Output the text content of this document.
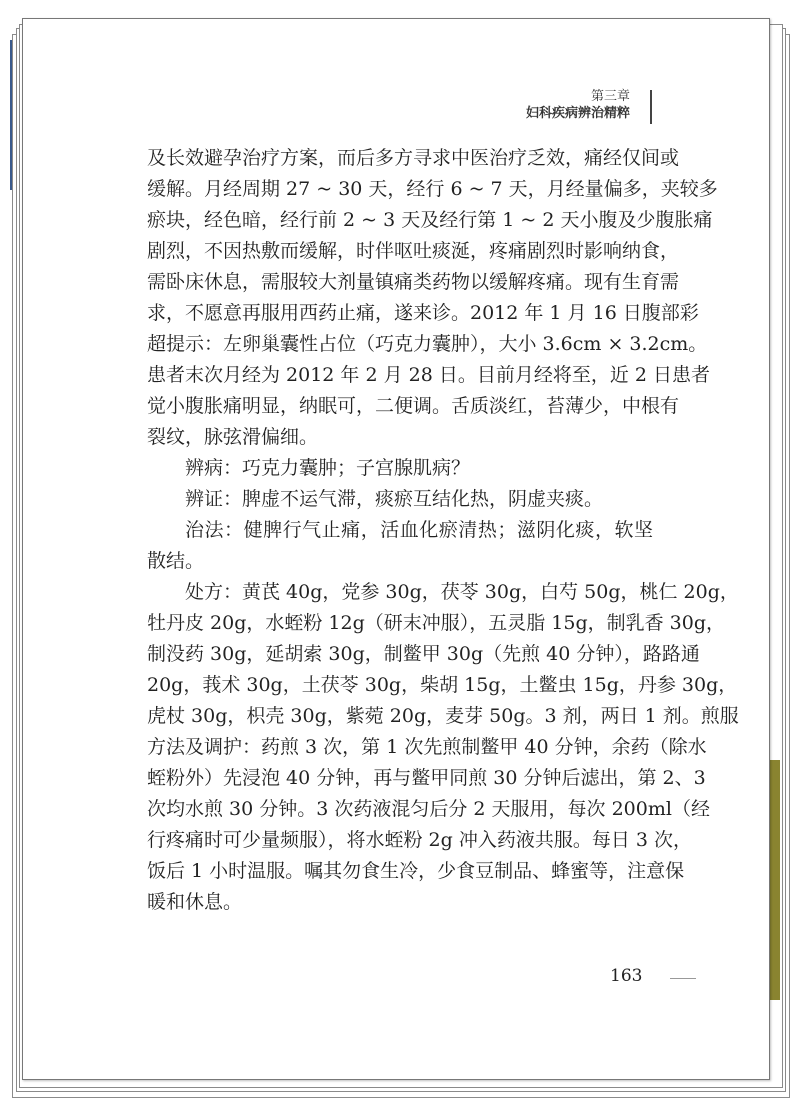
第三章
妇科疾病辨治精粹
及长效避孕治疗方案，而后多方寻求中医治疗乏效，痛经仅间或
缓解。月经周期 27 ~ 30 天，经行 6 ~ 7 天，月经量偏多，夹较多
瘀块，经色暗，经行前 2 ~ 3 天及经行第 1 ~ 2 天小腹及少腹胀痛
剧烈，不因热敷而缓解，时伴呕吐痰涎，疼痛剧烈时影响纳食，
需卧床休息，需服较大剂量镇痛类药物以缓解疼痛。现有生育需
求，不愿意再服用西药止痛，遂来诊。2012 年 1 月 16 日腹部彩
超提示：左卵巢囊性占位（巧克力囊肿），大小 3.6cm × 3.2cm。
患者末次月经为 2012 年 2 月 28 日。目前月经将至，近 2 日患者
觉小腹胀痛明显，纳眠可，二便调。舌质淡红，苔薄少，中根有
裂纹，脉弦滑偏细。
辨病：巧克力囊肿；子宫腺肌病？
辨证：脾虚不运气滞，痰瘀互结化热，阴虚夹痰。
治法：健脾行气止痛，活血化瘀清热；滋阴化痰，软坚
散结。
处方：黄芪 40g，党参 30g，茯苓 30g，白芍 50g，桃仁 20g，
牡丹皮 20g，水蛭粉 12g（研末冲服），五灵脂 15g，制乳香 30g，
制没药 30g，延胡索 30g，制鳖甲 30g（先煎 40 分钟），路路通
20g，莪术 30g，土茯苓 30g，柴胡 15g，土鳖虫 15g，丹参 30g，
虎杖 30g，枳壳 30g，紫菀 20g，麦芽 50g。3 剂，两日 1 剂。煎服
方法及调护：药煎 3 次，第 1 次先煎制鳖甲 40 分钟，余药（除水
蛭粉外）先浸泡 40 分钟，再与鳖甲同煎 30 分钟后滤出，第 2、3
次均水煎 30 分钟。3 次药液混匀后分 2 天服用，每次 200ml（经
行疼痛时可少量频服），将水蛭粉 2g 冲入药液共服。每日 3 次，
饭后 1 小时温服。嘱其勿食生冷，少食豆制品、蜂蜜等，注意保
暖和休息。
163
